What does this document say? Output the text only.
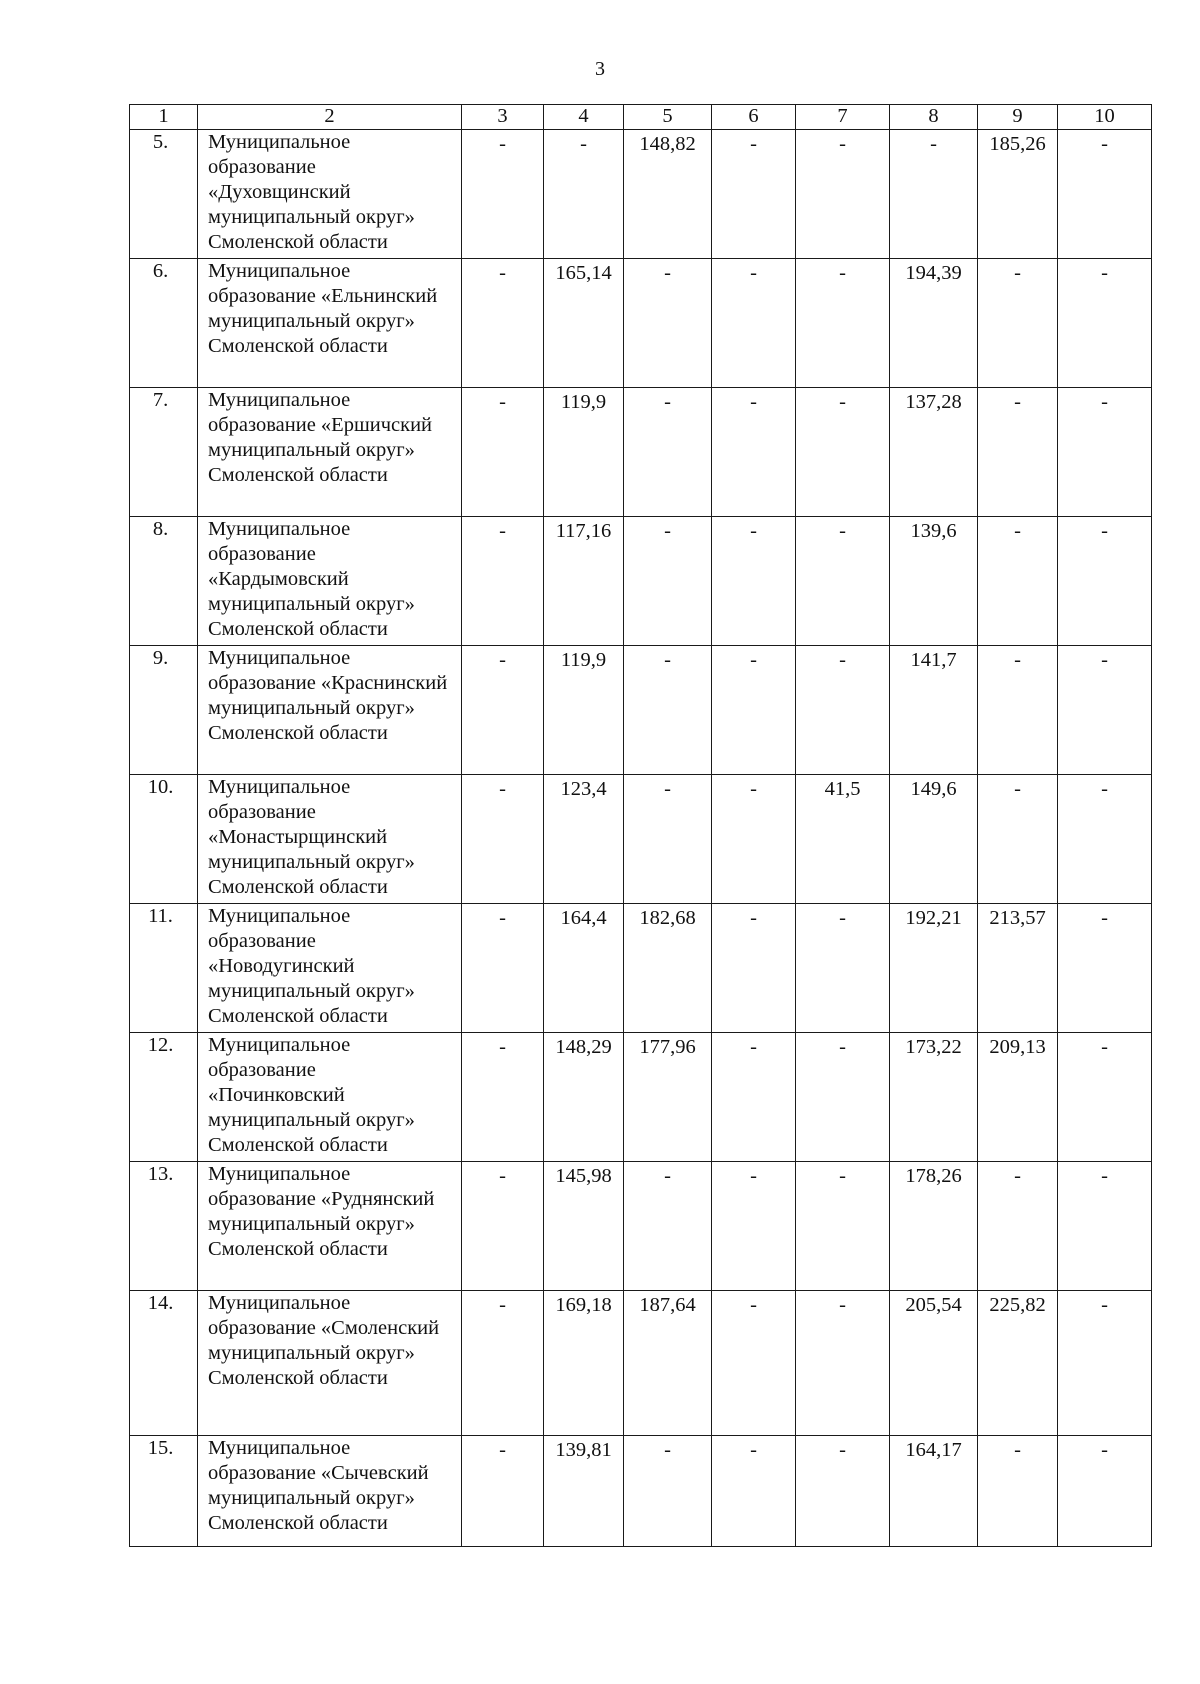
3
1	2	3	4	5	6	7	8	9	10
5.	Муниципальное образование «Духовщинский муниципальный округ» Смоленской области	-	-	148,82	-	-	-	185,26	-
6.	Муниципальное образование «Ельнинский муниципальный округ» Смоленской области	-	165,14	-	-	-	194,39	-	-
7.	Муниципальное образование «Ершичский муниципальный округ» Смоленской области	-	119,9	-	-	-	137,28	-	-
8.	Муниципальное образование «Кардымовский муниципальный округ» Смоленской области	-	117,16	-	-	-	139,6	-	-
9.	Муниципальное образование «Краснинский муниципальный округ» Смоленской области	-	119,9	-	-	-	141,7	-	-
10.	Муниципальное образование «Монастырщинский муниципальный округ» Смоленской области	-	123,4	-	-	41,5	149,6	-	-
11.	Муниципальное образование «Новодугинский муниципальный округ» Смоленской области	-	164,4	182,68	-	-	192,21	213,57	-
12.	Муниципальное образование «Починковский муниципальный округ» Смоленской области	-	148,29	177,96	-	-	173,22	209,13	-
13.	Муниципальное образование «Руднянский муниципальный округ» Смоленской области	-	145,98	-	-	-	178,26	-	-
14.	Муниципальное образование «Смоленский муниципальный округ» Смоленской области	-	169,18	187,64	-	-	205,54	225,82	-
15.	Муниципальное образование «Сычевский муниципальный округ» Смоленской области	-	139,81	-	-	-	164,17	-	-
